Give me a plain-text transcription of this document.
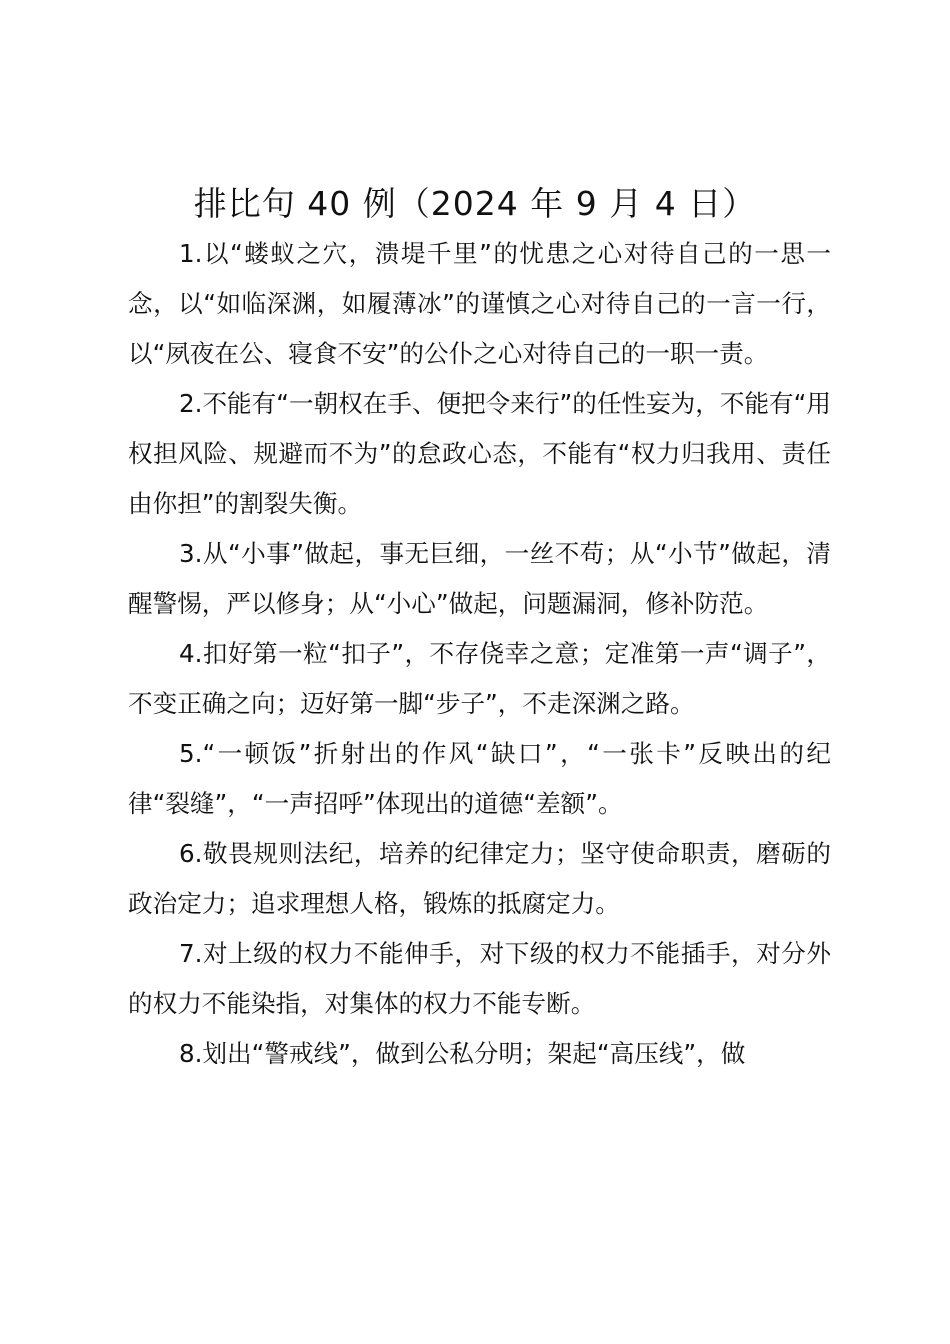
排比句 40 例（2024 年 9 月 4 日）

1.以“蝼蚁之穴，溃堤千里”的忧患之心对待自己的一思一念，以“如临深渊，如履薄冰”的谨慎之心对待自己的一言一行，以“夙夜在公、寝食不安”的公仆之心对待自己的一职一责。

2.不能有“一朝权在手、便把令来行”的任性妄为，不能有“用权担风险、规避而不为”的怠政心态，不能有“权力归我用、责任由你担”的割裂失衡。

3.从“小事”做起，事无巨细，一丝不苟；从“小节”做起，清醒警惕，严以修身；从“小心”做起，问题漏洞，修补防范。

4.扣好第一粒“扣子”，不存侥幸之意；定准第一声“调子”，不变正确之向；迈好第一脚“步子”，不走深渊之路。

5.“一顿饭”折射出的作风“缺口”，“一张卡”反映出的纪律“裂缝”，“一声招呼”体现出的道德“差额”。

6.敬畏规则法纪，培养的纪律定力；坚守使命职责，磨砺的政治定力；追求理想人格，锻炼的抵腐定力。

7.对上级的权力不能伸手，对下级的权力不能插手，对分外的权力不能染指，对集体的权力不能专断。

8.划出“警戒线”，做到公私分明；架起“高压线”，做
